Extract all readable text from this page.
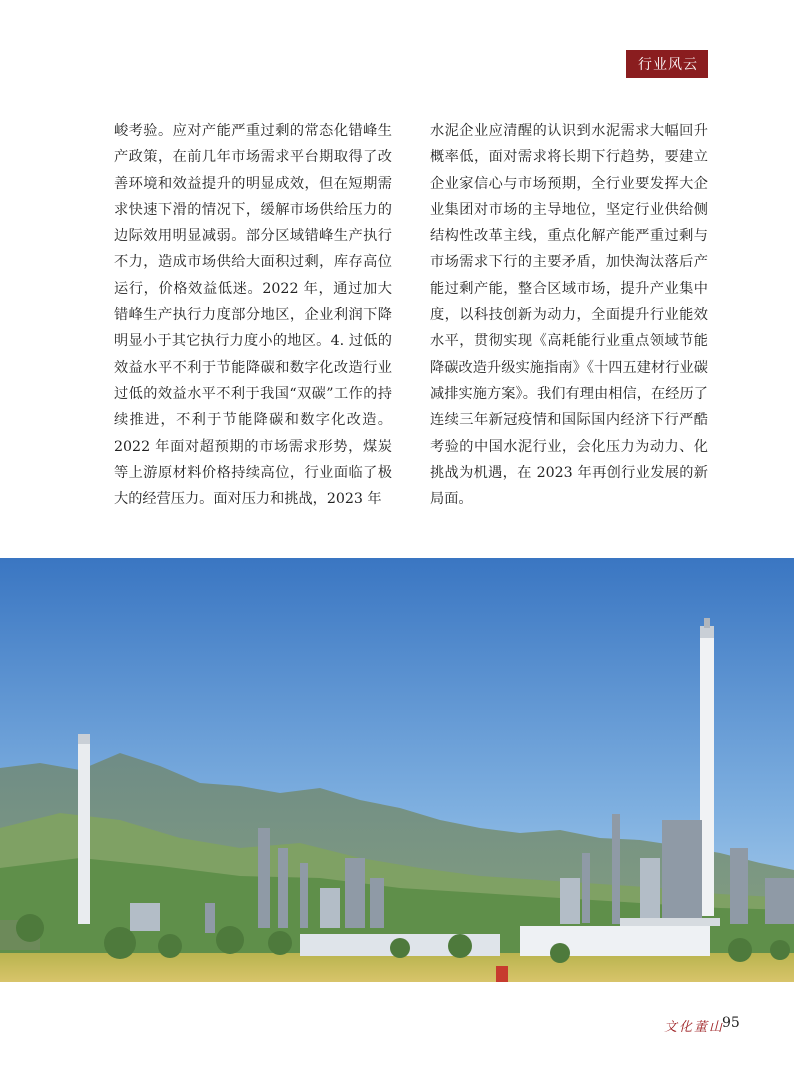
行业风云

峻考验。应对产能严重过剩的常态化错峰生产政策，在前几年市场需求平台期取得了改善环境和效益提升的明显成效，但在短期需求快速下滑的情况下，缓解市场供给压力的边际效用明显减弱。部分区域错峰生产执行不力，造成市场供给大面积过剩，库存高位运行，价格效益低迷。2022 年，通过加大错峰生产执行力度部分地区，企业利润下降明显小于其它执行力度小的地区。4. 过低的效益水平不利于节能降碳和数字化改造行业过低的效益水平不利于我国“双碳”工作的持续推进，不利于节能降碳和数字化改造。2022 年面对超预期的市场需求形势，煤炭等上游原材料价格持续高位，行业面临了极大的经营压力。面对压力和挑战，2023 年

水泥企业应清醒的认识到水泥需求大幅回升概率低，面对需求将长期下行趋势，要建立企业家信心与市场预期，全行业要发挥大企业集团对市场的主导地位，坚定行业供给侧结构性改革主线，重点化解产能严重过剩与市场需求下行的主要矛盾，加快淘汰落后产能过剩产能，整合区域市场，提升产业集中度，以科技创新为动力，全面提升行业能效水平，贯彻实现《高耗能行业重点领域节能降碳改造升级实施指南》《十四五建材行业碳减排实施方案》。我们有理由相信，在经历了连续三年新冠疫情和国际国内经济下行严酷考验的中国水泥行业，会化压力为动力、化挑战为机遇，在 2023 年再创行业发展的新局面。

文化董山
95
